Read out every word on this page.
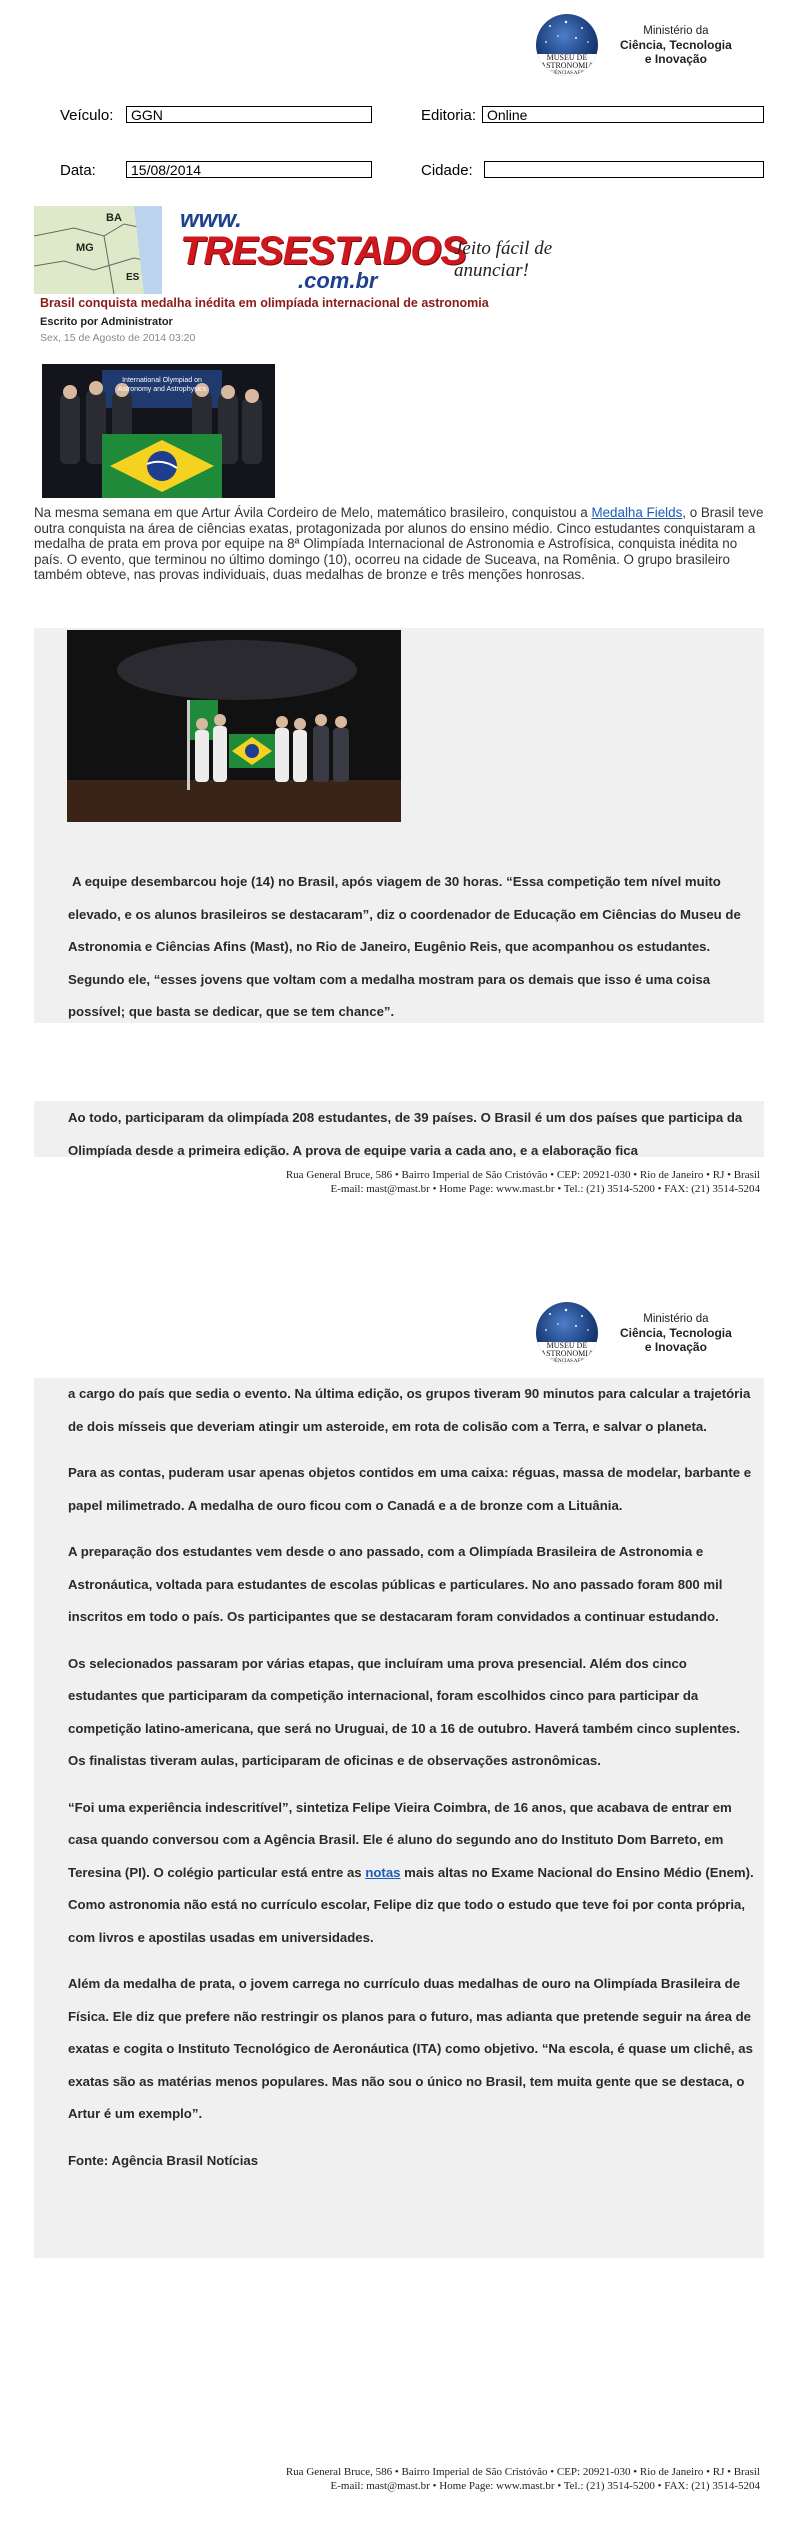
MUSEU DE
ASTRONOMIA
E CIÊNCIAS AFINS
Ministério da
Ciência, Tecnologia
e Inovação
Veículo:	GGN	Editoria: Online
Data:	15/08/2014	Cidade:
BA
MG
ES
www.
TRESESTADOS
.com.br
Jeito fácil de anunciar!
Brasil conquista medalha inédita em olimpíada internacional de astronomia
Escrito por Administrator
Sex, 15 de Agosto de 2014 03:20
International Olympiad on Astronomy and Astrophysics
Na mesma semana em que Artur Ávila Cordeiro de Melo, matemático brasileiro, conquistou a Medalha Fields, o Brasil teve outra conquista na área de ciências exatas, protagonizada por alunos do ensino médio. Cinco estudantes conquistaram a medalha de prata em prova por equipe na 8ª Olimpíada Internacional de Astronomia e Astrofísica, conquista inédita no país. O evento, que terminou no último domingo (10), ocorreu na cidade de Suceava, na Romênia. O grupo brasileiro também obteve, nas provas individuais, duas medalhas de bronze e três menções honrosas.

A equipe desembarcou hoje (14) no Brasil, após viagem de 30 horas. “Essa competição tem nível muito elevado, e os alunos brasileiros se destacaram”, diz o coordenador de Educação em Ciências do Museu de Astronomia e Ciências Afins (Mast), no Rio de Janeiro, Eugênio Reis, que acompanhou os estudantes. Segundo ele, “esses jovens que voltam com a medalha mostram para os demais que isso é uma coisa possível; que basta se dedicar, que se tem chance”.

Ao todo, participaram da olimpíada 208 estudantes, de 39 países. O Brasil é um dos países que participa da Olimpíada desde a primeira edição. A prova de equipe varia a cada ano, e a elaboração fica

Rua General Bruce, 586 • Bairro Imperial de São Cristóvão • CEP: 20921-030 • Rio de Janeiro • RJ • Brasil
E-mail: mast@mast.br • Home Page: www.mast.br • Tel.: (21) 3514-5200 • FAX: (21) 3514-5204
MUSEU DE
ASTRONOMIA
E CIÊNCIAS AFINS
Ministério da
Ciência, Tecnologia
e Inovação

a cargo do país que sedia o evento. Na última edição, os grupos tiveram 90 minutos para calcular a trajetória de dois mísseis que deveriam atingir um asteroide, em rota de colisão com a Terra, e salvar o planeta.

Para as contas, puderam usar apenas objetos contidos em uma caixa: réguas, massa de modelar, barbante e papel milimetrado. A medalha de ouro ficou com o Canadá e a de bronze com a Lituânia.

A preparação dos estudantes vem desde o ano passado, com a Olimpíada Brasileira de Astronomia e Astronáutica, voltada para estudantes de escolas públicas e particulares. No ano passado foram 800 mil inscritos em todo o país. Os participantes que se destacaram foram convidados a continuar estudando.

Os selecionados passaram por várias etapas, que incluíram uma prova presencial. Além dos cinco estudantes que participaram da competição internacional, foram escolhidos cinco para participar da competição latino-americana, que será no Uruguai, de 10 a 16 de outubro. Haverá também cinco suplentes. Os finalistas tiveram aulas, participaram de oficinas e de observações astronômicas.

“Foi uma experiência indescritível”, sintetiza Felipe Vieira Coimbra, de 16 anos, que acabava de entrar em casa quando conversou com a Agência Brasil. Ele é aluno do segundo ano do Instituto Dom Barreto, em Teresina (PI). O colégio particular está entre as notas mais altas no Exame Nacional do Ensino Médio (Enem). Como astronomia não está no currículo escolar, Felipe diz que todo o estudo que teve foi por conta própria, com livros e apostilas usadas em universidades.

Além da medalha de prata, o jovem carrega no currículo duas medalhas de ouro na Olimpíada Brasileira de Física. Ele diz que prefere não restringir os planos para o futuro, mas adianta que pretende seguir na área de exatas e cogita o Instituto Tecnológico de Aeronáutica (ITA) como objetivo. “Na escola, é quase um clichê, as exatas são as matérias menos populares. Mas não sou o único no Brasil, tem muita gente que se destaca, o Artur é um exemplo”.

Fonte: Agência Brasil Notícias

Rua General Bruce, 586 • Bairro Imperial de São Cristóvão • CEP: 20921-030 • Rio de Janeiro • RJ • Brasil
E-mail: mast@mast.br • Home Page: www.mast.br • Tel.: (21) 3514-5200 • FAX: (21) 3514-5204
